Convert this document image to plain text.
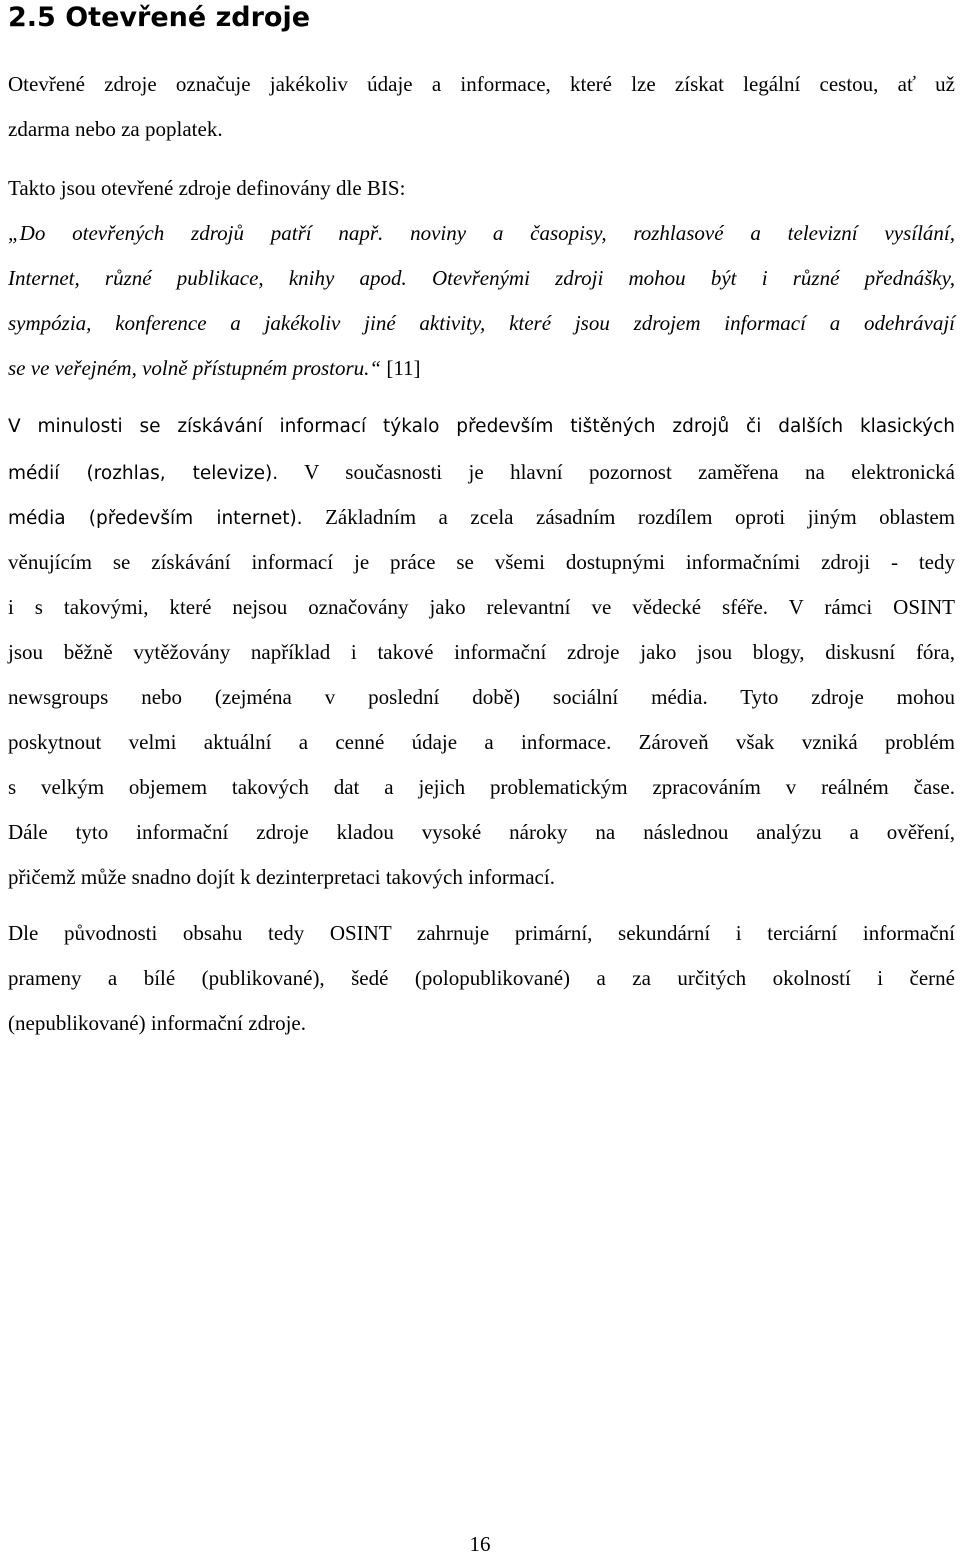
2.5 Otevřené zdroje

Otevřené zdroje označuje jakékoliv údaje a informace, které lze získat legální cestou, ať už

zdarma nebo za poplatek.

Takto jsou otevřené zdroje definovány dle BIS:

„Do otevřených zdrojů patří např. noviny a časopisy, rozhlasové a televizní vysílání,

Internet, různé publikace, knihy apod. Otevřenými zdroji mohou být i různé přednášky,

sympózia, konference a jakékoliv jiné aktivity, které jsou zdrojem informací a odehrávají

se ve veřejném, volně přístupném prostoru.“ [11]

V minulosti se získávání informací týkalo především tištěných zdrojů či dalších klasických

médií (rozhlas, televize). V současnosti je hlavní pozornost zaměřena na elektronická

média (především internet). Základním a zcela zásadním rozdílem oproti jiným oblastem

věnujícím se získávání informací je práce se všemi dostupnými informačními zdroji - tedy

i s takovými, které nejsou označovány jako relevantní ve vědecké sféře. V rámci OSINT

jsou běžně vytěžovány například i takové informační zdroje jako jsou blogy, diskusní fóra,

newsgroups nebo (zejména v poslední době) sociální média. Tyto zdroje mohou

poskytnout velmi aktuální a cenné údaje a informace. Zároveň však vzniká problém

s velkým objemem takových dat a jejich problematickým zpracováním v reálném čase.

Dále tyto informační zdroje kladou vysoké nároky na následnou analýzu a ověření,

přičemž může snadno dojít k dezinterpretaci takových informací.

Dle původnosti obsahu tedy OSINT zahrnuje primární, sekundární i terciární informační

prameny a bílé (publikované), šedé (polopublikované) a za určitých okolností i černé

(nepublikované) informační zdroje.

16
